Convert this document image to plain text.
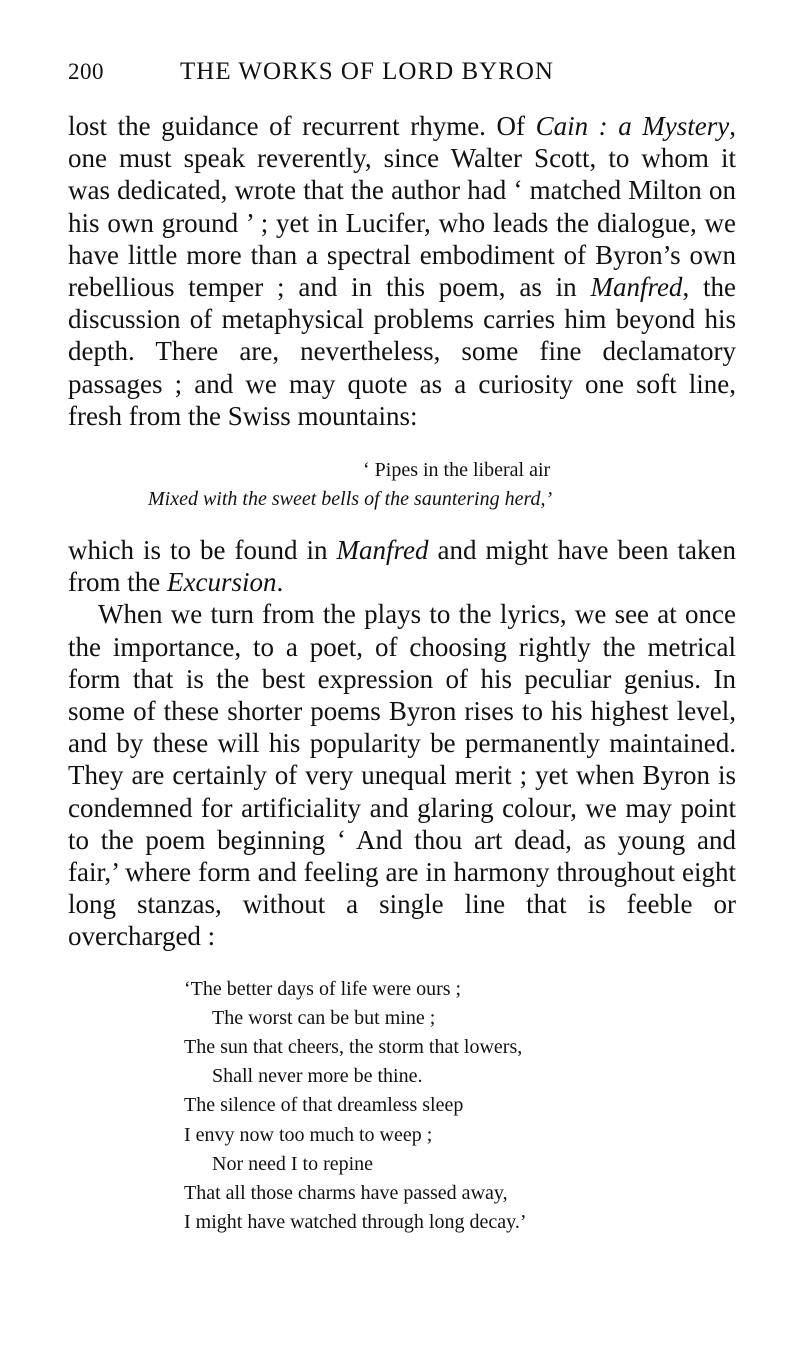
200	THE WORKS OF LORD BYRON

lost the guidance of recurrent rhyme. Of Cain : a Mystery, one must speak reverently, since Walter Scott, to whom it was dedicated, wrote that the author had ‘ matched Milton on his own ground ’ ; yet in Lucifer, who leads the dialogue, we have little more than a spectral embodiment of Byron’s own rebellious temper ; and in this poem, as in Manfred, the discussion of metaphysical problems carries him beyond his depth. There are, nevertheless, some fine declamatory passages ; and we may quote as a curiosity one soft line, fresh from the Swiss mountains:

‘ Pipes in the liberal air
Mixed with the sweet bells of the sauntering herd,’

which is to be found in Manfred and might have been taken from the Excursion.
When we turn from the plays to the lyrics, we see at once the importance, to a poet, of choosing rightly the metrical form that is the best expression of his peculiar genius. In some of these shorter poems Byron rises to his highest level, and by these will his popularity be permanently maintained. They are certainly of very unequal merit ; yet when Byron is condemned for artificiality and glaring colour, we may point to the poem beginning ‘ And thou art dead, as young and fair,’ where form and feeling are in harmony throughout eight long stanzas, without a single line that is feeble or overcharged :

‘The better days of life were ours ;
The worst can be but mine ;
The sun that cheers, the storm that lowers,
Shall never more be thine.
The silence of that dreamless sleep
I envy now too much to weep ;
Nor need I to repine
That all those charms have passed away,
I might have watched through long decay.’
